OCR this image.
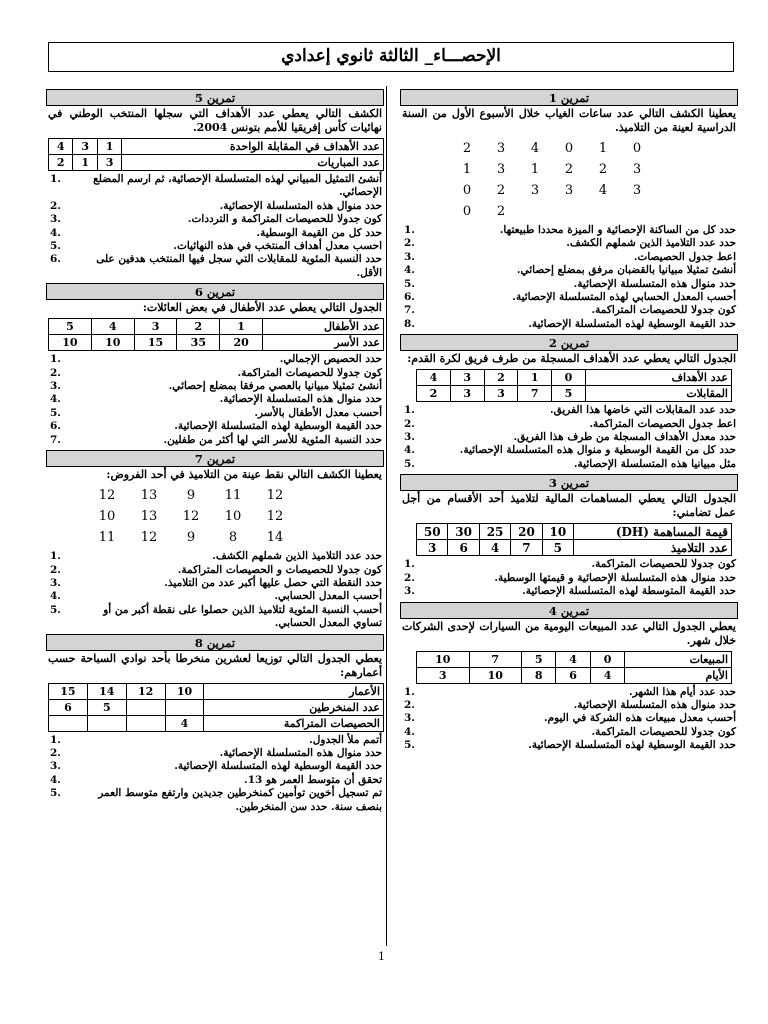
الإحصـــاء_ الثالثة ثانوي إعدادي
تمرين 1
يعطينا الكشف التالي عدد ساعات الغياب خلال الأسبوع الأول من السنة الدراسية لعينة من التلاميذ.
2	3	4	0	1	0
1	3	1	2	2	3
0	2	3	3	4	3
0	2
حدد كل من الساكنة الإحصائية و الميزة محددا طبيعتها.
1.
حدد عدد التلاميذ الذين شملهم الكشف.
2.
اعط جدول الحصيصات.
3.
أنشئ تمثيلا مبيانيا بالقضبان مرفق بمضلع إحصائي.
4.
حدد منوال هذه المتسلسلة الإحصائية.
5.
أحسب المعدل الحسابي لهذه المتسلسلة الإحصائية.
6.
كون جدولا للحصيصات المتراكمة.
7.
حدد القيمة الوسطية لهذه المتسلسلة الإحصائية.
8.
تمرين 2
الجدول التالي يعطي عدد الأهداف المسجلة من طرف فريق لكرة القدم:
عدد الأهداف	0	1	2	3	4
المقابلات	5	7	3	3	2
حدد عدد المقابلات التي خاضها هذا الفريق.
1.
اعط جدول الحصيصات المتراكمة.
2.
حدد معدل الأهداف المسجلة من طرف هذا الفريق.
3.
حدد كل من القيمة الوسطية و منوال هذه المتسلسلة الإحصائية.
4.
مثل مبيانيا هذه المتسلسلة الإحصائية.
5.
تمرين 3
الجدول التالي يعطي المساهمات المالية لتلاميذ أحد الأقسام من أجل عمل تضامني:
قيمة المساهمة (DH)	10	20	25	30	50
عدد التلاميذ	5	7	4	6	3
كون جدولا للحصيصات المتراكمة.
1.
حدد منوال هذه المتسلسلة الإحصائية و قيمتها الوسطية.
2.
حدد القيمة المتوسطة لهذه المتسلسلة الإحصائية.
3.
تمرين 4
يعطي الجدول التالي عدد المبيعات اليومية من السيارات لإحدى الشركات خلال شهر.
المبيعات	0	4	5	7	10
الأيام	4	6	8	10	3
حدد عدد أيام هذا الشهر.
1.
حدد منوال هذه المتسلسلة الإحصائية.
2.
أحسب معدل مبيعات هذه الشركة في اليوم.
3.
كون جدولا للحصيصات المتراكمة.
4.
حدد القيمة الوسطية لهذه المتسلسلة الإحصائية.
5.
تمرين 5
الكشف التالي يعطي عدد الأهداف التي سجلها المنتخب الوطني في نهائيات كأس إفريقيا للأمم بتونس 2004.
عدد الأهداف في المقابلة الواحدة	1	3	4
عدد المباريات	3	1	2
أنشئ التمثيل المبياني لهذه المتسلسلة الإحصائية، ثم ارسم المضلع الإحصائي.
1.
حدد منوال هذه المتسلسلة الإحصائية.
2.
كون جدولا للحصيصات المتراكمة و الترددات.
3.
حدد كل من القيمة الوسطية.
4.
احسب معدل أهداف المنتخب في هذه النهائيات.
5.
حدد النسبة المئوية للمقابلات التي سجل فيها المنتخب هدفين على الأقل.
6.
تمرين 6
الجدول التالي يعطي عدد الأطفال في بعض العائلات:
عدد الأطفال	1	2	3	4	5
عدد الأسر	20	35	15	10	10
حدد الحصيص الإجمالي.
1.
كون جدولا للحصيصات المتراكمة.
2.
أنشئ تمثيلا مبيانيا بالعصي مرفقا بمضلع إحصائي.
3.
حدد منوال هذه المتسلسلة الإحصائية.
4.
أحسب معدل الأطفال بالأسر.
5.
حدد القيمة الوسطية لهذه المتسلسلة الإحصائية.
6.
حدد النسبة المئوية للأسر التي لها أكثر من طفلين.
7.
تمرين 7
يعطينا الكشف التالي نقط عينة من التلاميذ في أحد الفروض:
12	13	9	11	12
10	13	12	10	12
11	12	9	8	14
حدد عدد التلاميذ الذين شملهم الكشف.
1.
كون جدولا للحصيصات و الحصيصات المتراكمة.
2.
حدد النقطة التي حصل عليها أكبر عدد من التلاميذ.
3.
أحسب المعدل الحسابي.
4.
أحسب النسبة المئوية لتلاميذ الذين حصلوا على نقطة أكبر من أو تساوي المعدل الحسابي.
5.
تمرين 8
يعطي الجدول التالي توزيعا لعشرين منخرطا بأحد نوادي السباحة حسب أعمارهم:
الأعمار	10	12	14	15
عدد المنخرطين			5	6
الحصيصات المتراكمة	4			
أتمم ملأ الجدول.
1.
حدد منوال هذه المتسلسلة الإحصائية.
2.
حدد القيمة الوسطية لهذه المتسلسلة الإحصائية.
3.
تحقق أن متوسط العمر هو 13.
4.
تم تسجيل أخوين توأمين كمنخرطين جديدين وارتفع متوسط العمر بنصف سنة. حدد سن المنخرطين.
5.
1
